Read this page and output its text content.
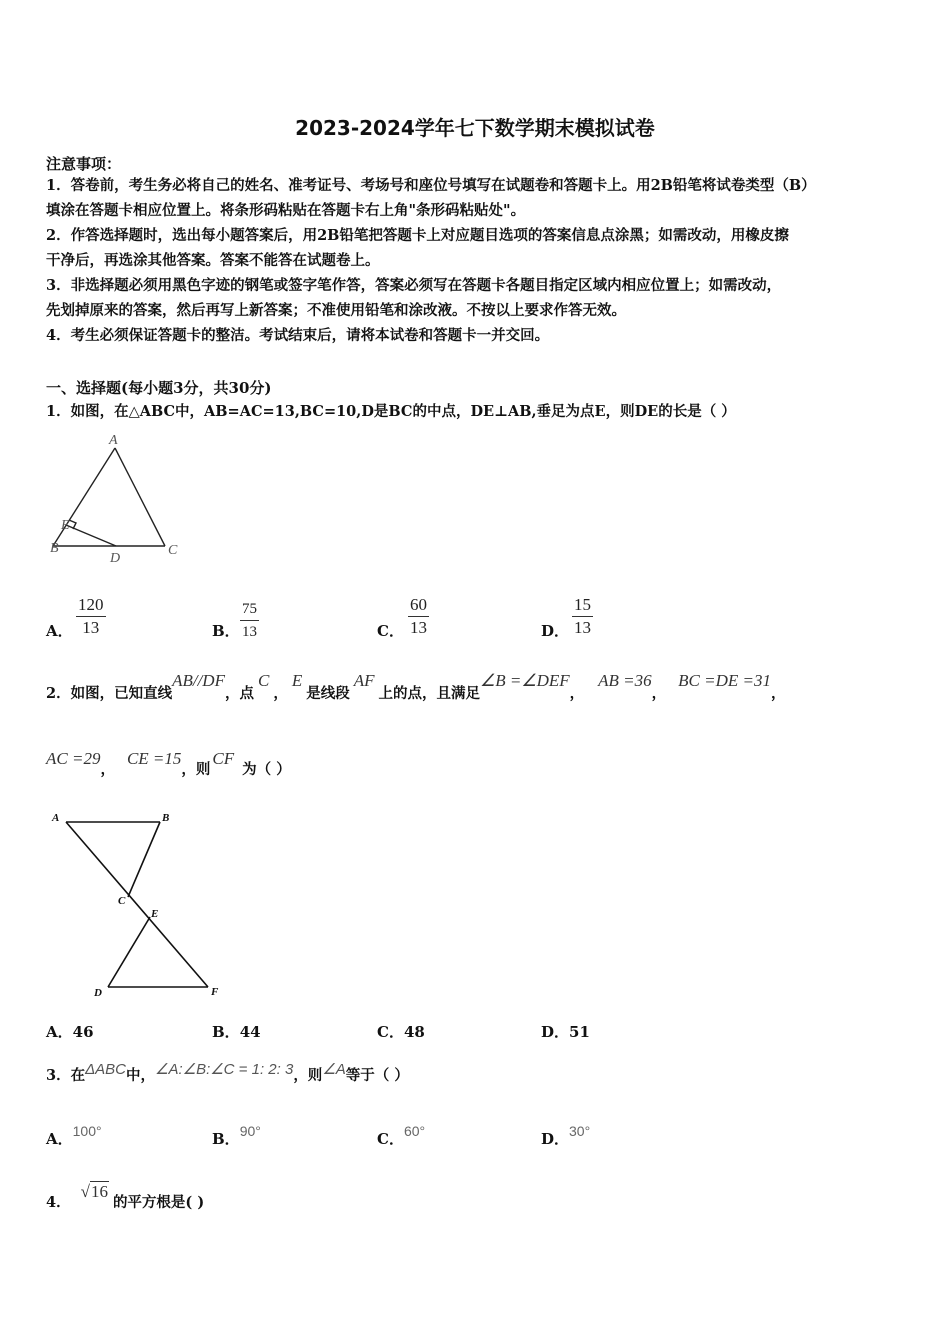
2023-2024学年七下数学期末模拟试卷
注意事项：
1．答卷前，考生务必将自己的姓名、准考证号、考场号和座位号填写在试题卷和答题卡上。用2B铅笔将试卷类型（B）
填涂在答题卡相应位置上。将条形码粘贴在答题卡右上角"条形码粘贴处"。
2．作答选择题时，选出每小题答案后，用2B铅笔把答题卡上对应题目选项的答案信息点涂黑；如需改动，用橡皮擦
干净后，再选涂其他答案。答案不能答在试题卷上。
3．非选择题必须用黑色字迹的钢笔或签字笔作答，答案必须写在答题卡各题目指定区域内相应位置上；如需改动，
先划掉原来的答案，然后再写上新答案；不准使用铅笔和涂改液。不按以上要求作答无效。
4．考生必须保证答题卡的整洁。考试结束后，请将本试卷和答题卡一并交回。
一、选择题(每小题3分，共30分)
1．如图，在△ABC中，AB=AC=13,BC=10,D是BC的中点，DE⊥AB,垂足为点E，则DE的长是（ ）
A
B	C
D
E
A． $\frac{120}{13}$	B． $\frac{75}{13}$	C． $\frac{60}{13}$	D． $\frac{15}{13}$
2．如图，已知直线AB//DF，点C，E是线段AF上的点，且满足∠B =∠DEF，AB =36，BC =DE =31，
AC =29，CE =15，则CF为（ ）
A	B
C
E
D	F
A．46	B．44	C．48	D．51
3．在ΔABC中，∠A:∠B:∠C = 1: 2: 3，则∠A等于（ ）
A．100°	B．90°	C．60°	D．30°
4．√16的平方根是( )
